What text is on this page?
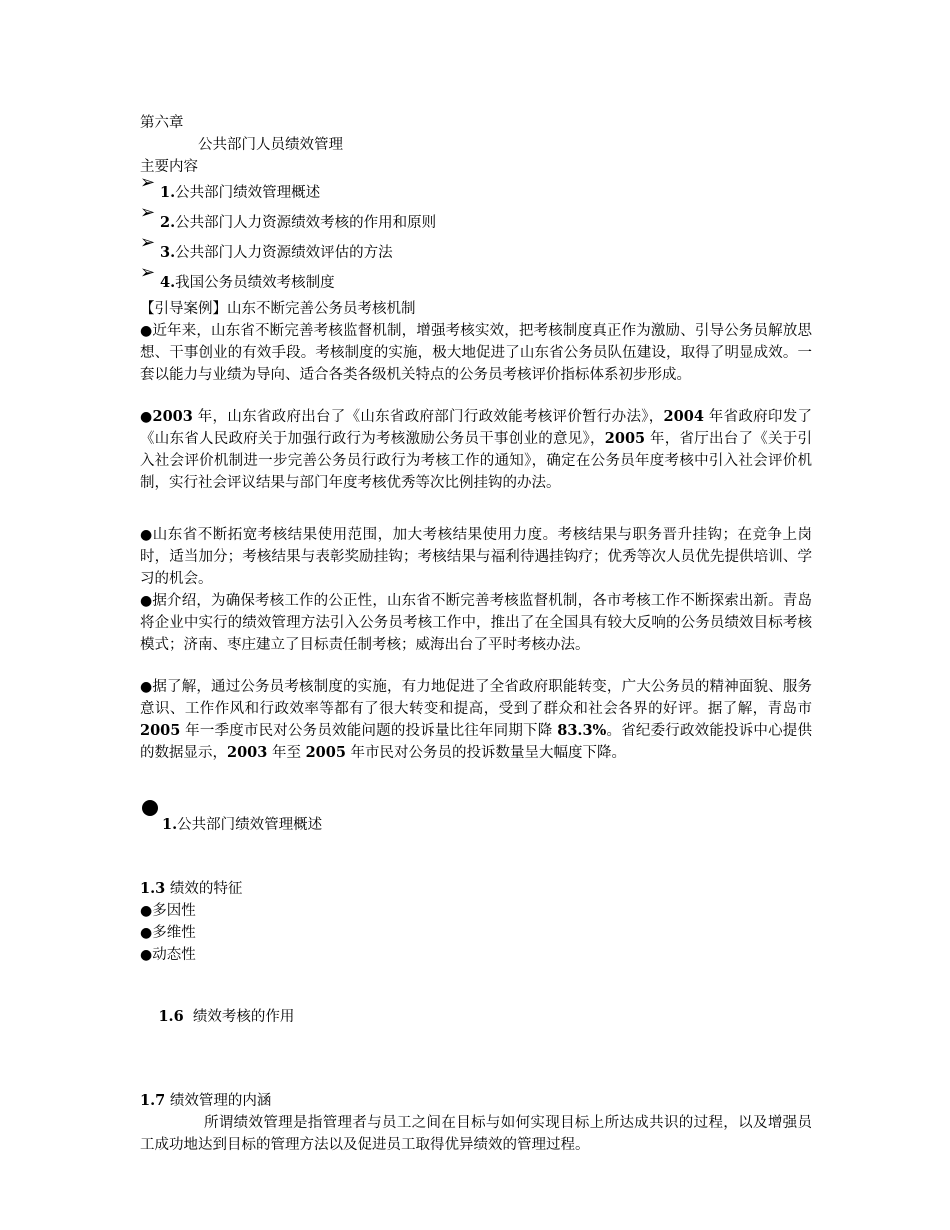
第六章

公共部门人员绩效管理

主要内容

➢ 1.公共部门绩效管理概述
➢ 2.公共部门人力资源绩效考核的作用和原则
➢ 3.公共部门人力资源绩效评估的方法
➢ 4.我国公务员绩效考核制度

【引导案例】山东不断完善公务员考核机制

●近年来，山东省不断完善考核监督机制，增强考核实效，把考核制度真正作为激励、引导公务员解放思想、干事创业的有效手段。考核制度的实施，极大地促进了山东省公务员队伍建设，取得了明显成效。一套以能力与业绩为导向、适合各类各级机关特点的公务员考核评价指标体系初步形成。

●2003 年，山东省政府出台了《山东省政府部门行政效能考核评价暂行办法》，2004 年省政府印发了《山东省人民政府关于加强行政行为考核激励公务员干事创业的意见》，2005 年，省厅出台了《关于引入社会评价机制进一步完善公务员行政行为考核工作的通知》，确定在公务员年度考核中引入社会评价机制，实行社会评议结果与部门年度考核优秀等次比例挂钩的办法。

●山东省不断拓宽考核结果使用范围，加大考核结果使用力度。考核结果与职务晋升挂钩；在竞争上岗时，适当加分；考核结果与表彰奖励挂钩；考核结果与福利待遇挂钩疗；优秀等次人员优先提供培训、学习的机会。

●据介绍，为确保考核工作的公正性，山东省不断完善考核监督机制，各市考核工作不断探索出新。青岛将企业中实行的绩效管理方法引入公务员考核工作中，推出了在全国具有较大反响的公务员绩效目标考核模式；济南、枣庄建立了目标责任制考核；威海出台了平时考核办法。

●据了解，通过公务员考核制度的实施，有力地促进了全省政府职能转变，广大公务员的精神面貌、服务意识、工作作风和行政效率等都有了很大转变和提高，受到了群众和社会各界的好评。据了解，青岛市 2005 年一季度市民对公务员效能问题的投诉量比往年同期下降 83.3%。省纪委行政效能投诉中心提供的数据显示，2003 年至 2005 年市民对公务员的投诉数量呈大幅度下降。

1.公共部门绩效管理概述

1.3 绩效的特征

●多因性

●多维性

●动态性

1.6  绩效考核的作用

1.7 绩效管理的内涵

所谓绩效管理是指管理者与员工之间在目标与如何实现目标上所达成共识的过程，以及增强员工成功地达到目标的管理方法以及促进员工取得优异绩效的管理过程。
